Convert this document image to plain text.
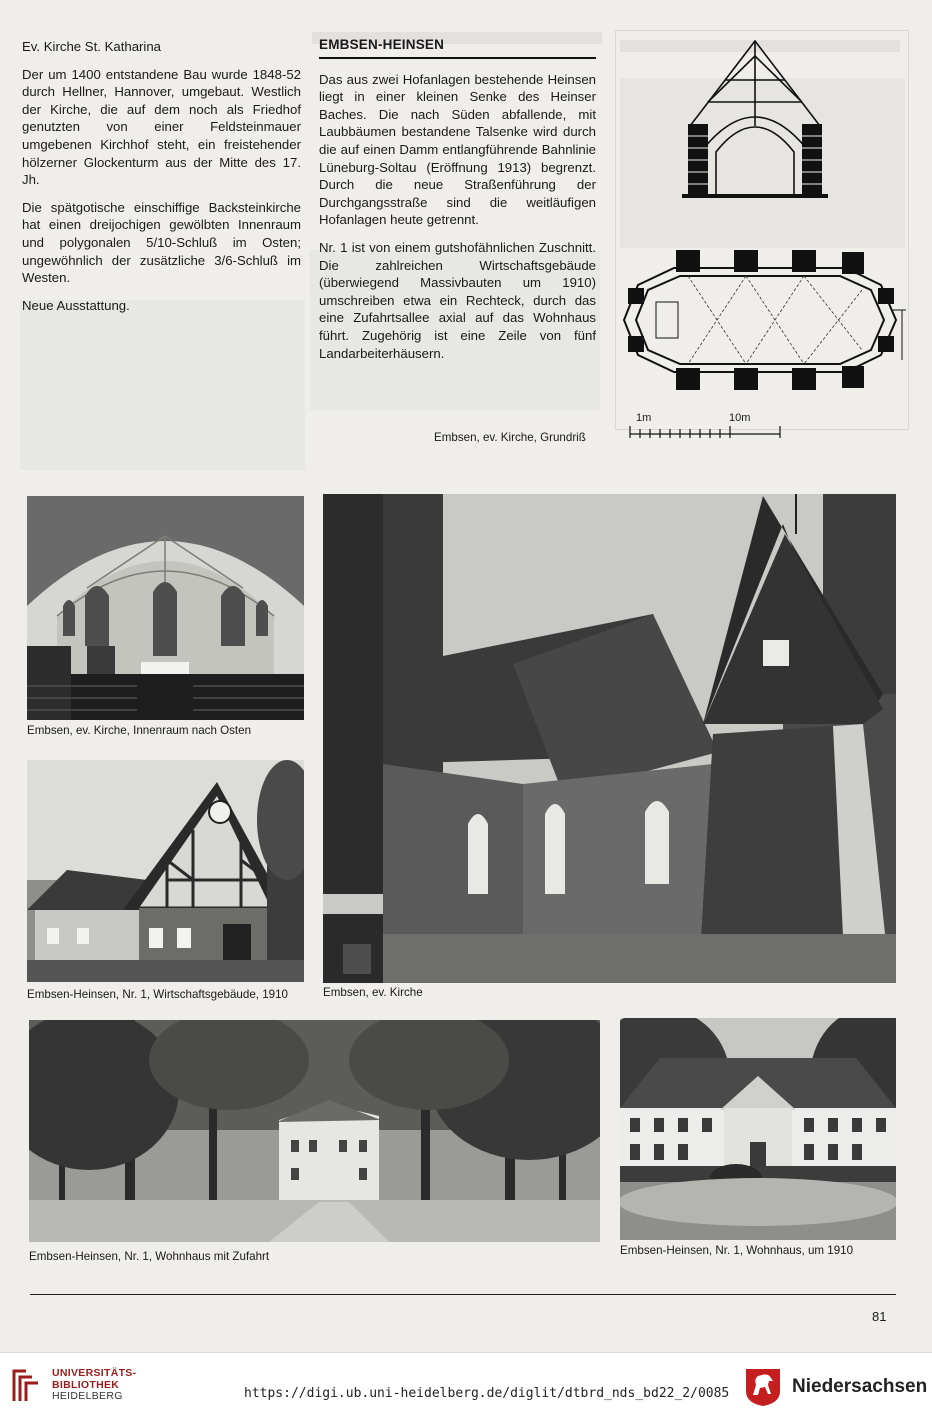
Ev. Kirche St. Katharina

Der um 1400 entstandene Bau wurde 1848-52 durch Hellner, Hannover, umgebaut. Westlich der Kirche, die auf dem noch als Friedhof genutzten von einer Feldsteinmauer umgebenen Kirchhof steht, ein freistehender hölzerner Glockenturm aus der Mitte des 17. Jh.

Die spätgotische einschiffige Backsteinkirche hat einen dreijochigen gewölbten Innenraum und polygonalen 5/10-Schluß im Osten; ungewöhnlich der zusätzliche 3/6-Schluß im Westen.

Neue Ausstattung.

EMBSEN-HEINSEN

Das aus zwei Hofanlagen bestehende Heinsen liegt in einer kleinen Senke des Heinser Baches. Die nach Süden abfallende, mit Laubbäumen bestandene Talsenke wird durch die auf einen Damm entlangführende Bahnlinie Lüneburg-Soltau (Eröffnung 1913) begrenzt. Durch die neue Straßenführung der Durchgangsstraße sind die weitläufigen Hofanlagen heute getrennt.

Nr. 1 ist von einem gutshofähnlichen Zuschnitt. Die zahlreichen Wirtschaftsgebäude (überwiegend Massivbauten um 1910) umschreiben etwa ein Rechteck, durch das eine Zufahrtsallee axial auf das Wohnhaus führt. Zugehörig ist eine Zeile von fünf Landarbeiterhäusern.

1m	10m
Embsen, ev. Kirche, Grundriß
Embsen, ev. Kirche, Innenraum nach Osten
Embsen-Heinsen, Nr. 1, Wirtschaftsgebäude, 1910	Embsen, ev. Kirche
Embsen-Heinsen, Nr. 1, Wohnhaus mit Zufahrt	Embsen-Heinsen, Nr. 1, Wohnhaus, um 1910
81
UNIVERSITÄTS-
BIBLIOTHEK
HEIDELBERG	https://digi.ub.uni-heidelberg.de/diglit/dtbrd_nds_bd22_2/0085	Niedersachsen
